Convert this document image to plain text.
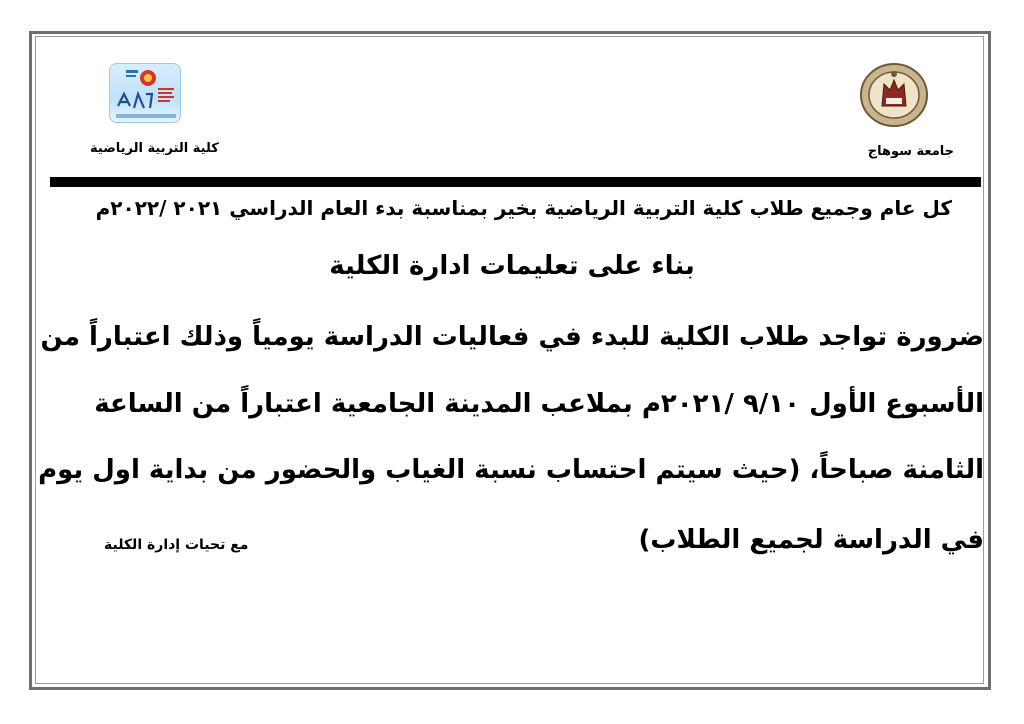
كلية التربية الرياضية	جامعة سوهاج
كل عام وجميع طلاب كلية التربية الرياضية بخير بمناسبة بدء العام الدراسي ٢٠٢١ /٢٠٢٢م
بناء على تعليمات ادارة الكلية
ضرورة تواجد طلاب الكلية للبدء في فعاليات الدراسة يومياً وذلك اعتباراً من
الأسبوع الأول ٩/١٠ /٢٠٢١م بملاعب المدينة الجامعية اعتباراً من الساعة
الثامنة صباحاً، (حيث سيتم احتساب نسبة الغياب والحضور من بداية اول يوم
في الدراسة لجميع الطلاب)
مع تحيات إدارة الكلية
